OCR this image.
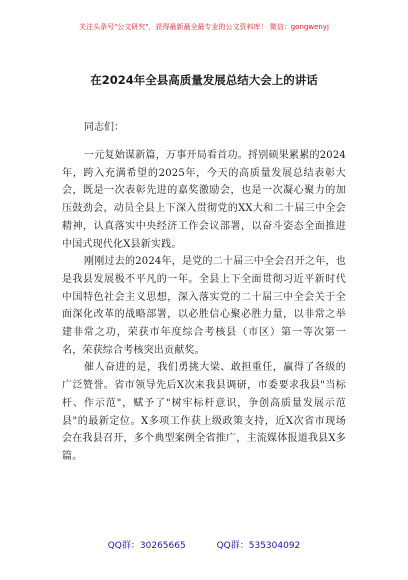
关注头条号"公文研究"，获得最新最全最专业的公文资料库！ 微信：gongwenyj
在2024年全县高质量发展总结大会上的讲话

同志们：

一元复始谋新篇，万事开局看首功。捋别硕果累累的2024年，跨入充满希望的2025年，今天的高质量发展总结表彰大会，既是一次表彰先进的嘉奖激励会，也是一次凝心聚力的加压鼓劲会，动员全县上下深入贯彻党的XX大和二十届三中全会精神，认真落实中央经济工作会议部署，以奋斗姿态全面推进中国式现代化X县新实践。

刚刚过去的2024年，是党的二十届三中全会召开之年，也是我县发展极不平凡的一年。全县上下全面贯彻习近平新时代中国特色社会主义思想，深入落实党的二十届三中全会关于全面深化改革的战略部署，以必胜信心聚必胜力量，以非常之举建非常之功，荣获市年度综合考核县（市区）第一等次第一名，荣获综合考核突出贡献奖。

催人奋进的是，我们勇挑大梁、敢担重任，赢得了各级的广泛赞誉。省市领导先后X次来我县调研，市委要求我县"当标杆、作示范"，赋予了"树牢标杆意识，争创高质量发展示范县"的最新定位。X多项工作获上级政策支持，近X次省市现场会在我县召开，多个典型案例全省推广，主流媒体报道我县X多篇。

QQ群：30265665	QQ群：535304092
